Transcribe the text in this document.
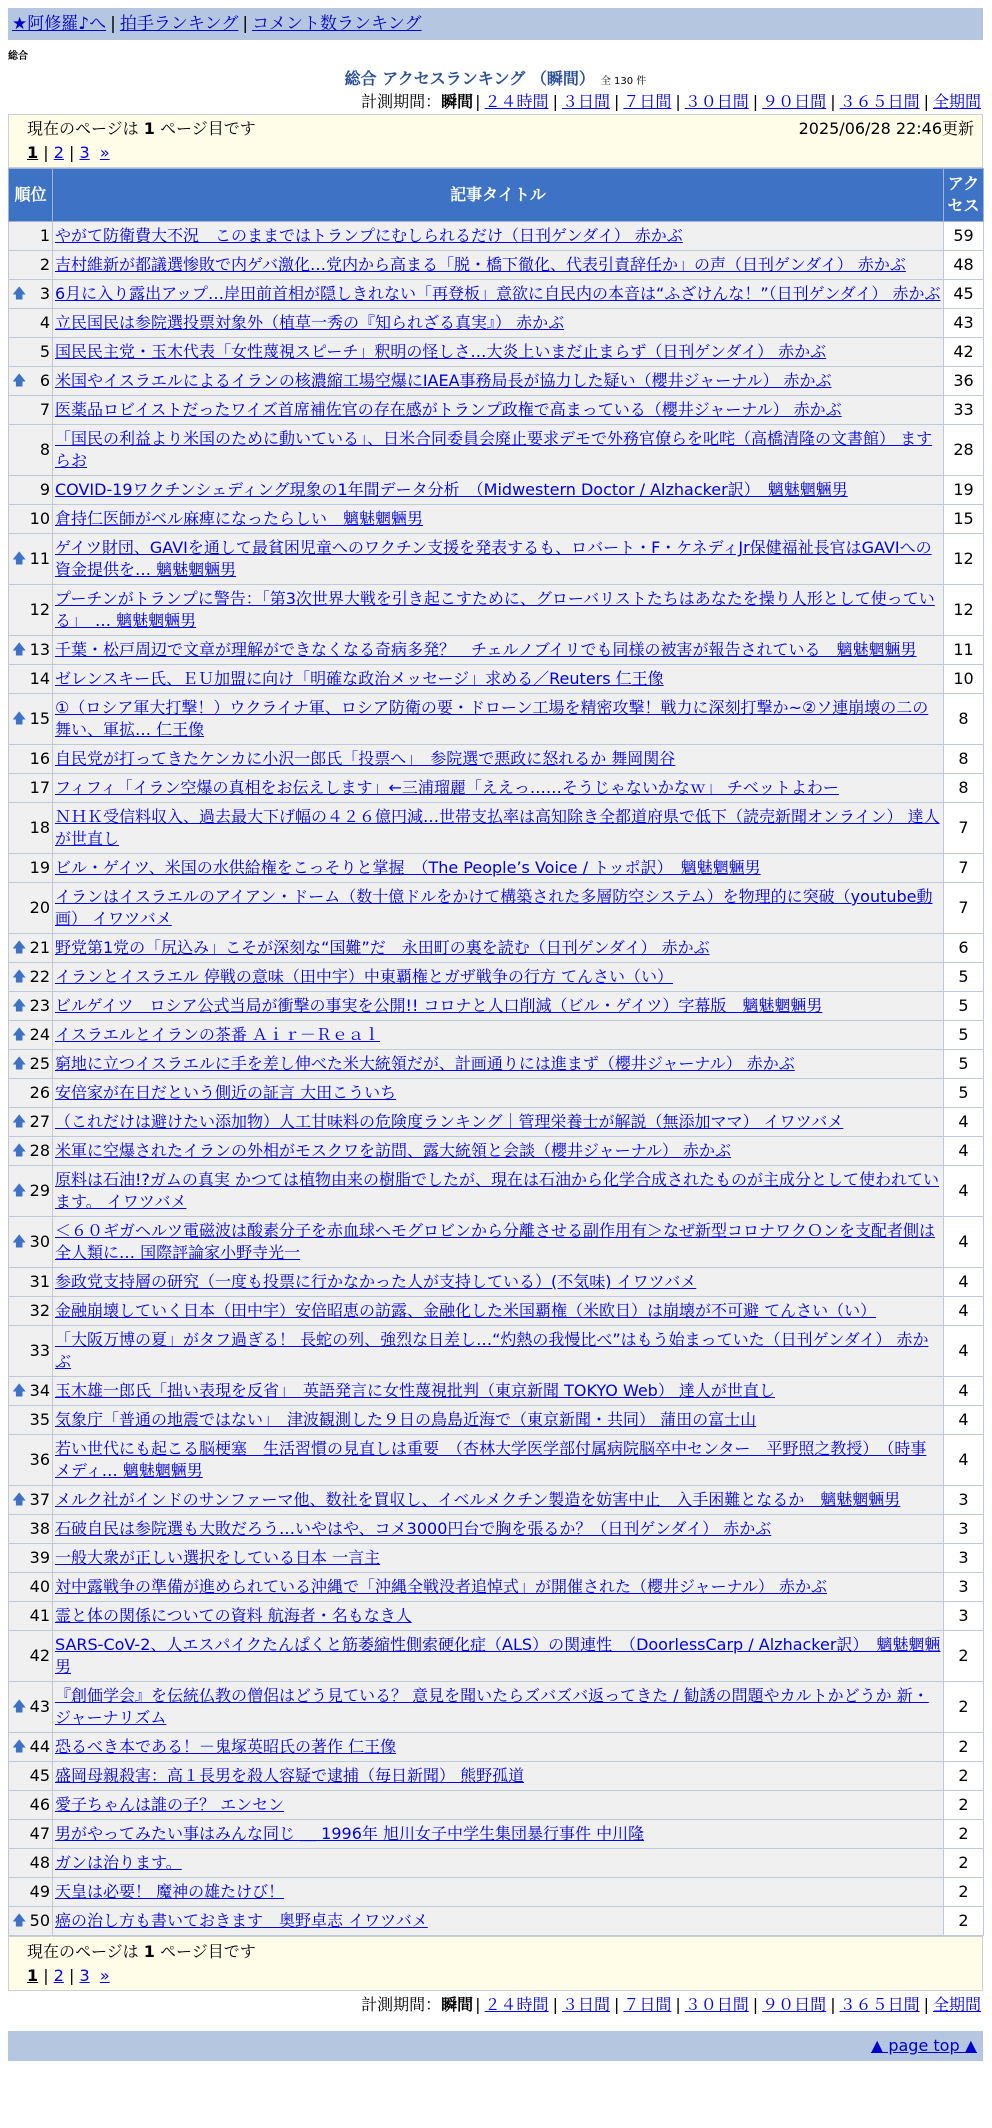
★阿修羅♪へ | 拍手ランキング | コメント数ランキング
総合
総合 アクセスランキング （瞬間） 全 130 件
計測期間：瞬間 | ２４時間 | ３日間 | ７日間 | ３０日間 | ９０日間 | ３６５日間 | 全期間
現在のページは 1 ページ目です	2025/06/28 22:46更新
1 | 2 | 3 »
順位	記事タイトル	アクセス
1	やがて防衛費大不況　このままではトランプにむしられるだけ（日刊ゲンダイ） 赤かぶ	59
2	吉村維新が都議選惨敗で内ゲバ激化…党内から高まる「脱・橋下徹化、代表引責辞任か」の声（日刊ゲンダイ） 赤かぶ	48

🡅 3	6月に入り露出アップ…岸田前首相が隠しきれない「再登板」意欲に自民内の本音は“ふざけんな！”（日刊ゲンダイ） 赤かぶ	45
4	立民国民は参院選投票対象外（植草一秀の『知られざる真実』） 赤かぶ	43
5	国民民主党・玉木代表「女性蔑視スピーチ」釈明の怪しさ…大炎上いまだ止まらず（日刊ゲンダイ） 赤かぶ	42

🡅 6	米国やイスラエルによるイランの核濃縮工場空爆にIAEA事務局長が協力した疑い（櫻井ジャーナル） 赤かぶ	36
7	医薬品ロビイストだったワイズ首席補佐官の存在感がトランプ政権で高まっている（櫻井ジャーナル） 赤かぶ	33
8	「国民の利益より米国のために動いている」、日米合同委員会廃止要求デモで外務官僚らを叱咤（高橋清隆の文書館） ますらお	28
9	COVID-19ワクチンシェディング現象の1年間データ分析　（Midwestern Doctor / Alzhacker訳）　魑魅魍魎男	19
10	倉持仁医師がベル麻痺になったらしい　魑魅魍魎男	15

🡅 11	ゲイツ財団、GAVIを通して最貧困児童へのワクチン支援を発表するも、ロバート・F・ケネディJr保健福祉長官はGAVIへの資金提供を… 魑魅魍魎男	12
12	プーチンがトランプに警告：「第3次世界大戦を引き起こすために、グローバリストたちはあなたを操り人形として使っている」　… 魑魅魍魎男	12

🡅 13	千葉・松戸周辺で文章が理解ができなくなる奇病多発？　チェルノブイリでも同様の被害が報告されている　魑魅魍魎男	11
14	ゼレンスキー氏、ＥＵ加盟に向け「明確な政治メッセージ」求める／Reuters 仁王像	10

🡅 15	①（ロシア軍大打撃！）ウクライナ軍、ロシア防衛の要・ドローン工場を精密攻撃！戦力に深刻打撃か~②ソ連崩壊の二の舞い、軍拡… 仁王像	8
16	自民党が打ってきたケンカに小沢一郎氏「投票へ」　参院選で悪政に怒れるか 舞岡関谷	8
17	フィフィ「イラン空爆の真相をお伝えします」←三浦瑠麗「ええっ……そうじゃないかなｗ」 チベットよわー	8
18	ＮＨＫ受信料収入、過去最大下げ幅の４２６億円減…世帯支払率は高知除き全都道府県で低下（読売新聞オンライン） 達人が世直し	7
19	ビル・ゲイツ、米国の水供給権をこっそりと掌握　（The People’s Voice / トッポ訳）　魑魅魍魎男	7
20	イランはイスラエルのアイアン・ドーム（数十億ドルをかけて構築された多層防空システム）を物理的に突破（youtube動画） イワツバメ	7

🡅 21	野党第1党の「尻込み」こそが深刻な“国難”だ　永田町の裏を読む（日刊ゲンダイ） 赤かぶ	6

🡅 22	イランとイスラエル 停戦の意味（田中宇）中東覇権とガザ戦争の行方 てんさい（い）	5

🡅 23	ビルゲイツ　ロシア公式当局が衝撃の事実を公開!! コロナと人口削減（ビル・ゲイツ）字幕版　魑魅魍魎男	5

🡅 24	イスラエルとイランの茶番 Ａｉｒ－Ｒｅａｌ	5

🡅 25	窮地に立つイスラエルに手を差し伸べた米大統領だが、計画通りには進まず（櫻井ジャーナル） 赤かぶ	5
26	安倍家が在日だという側近の証言 大田こういち	5

🡅 27	（これだけは避けたい添加物）人工甘味料の危険度ランキング｜管理栄養士が解説（無添加ママ） イワツバメ	4

🡅 28	米軍に空爆されたイランの外相がモスクワを訪問、露大統領と会談（櫻井ジャーナル） 赤かぶ	4

🡅 29	原料は石油!?ガムの真実 かつては植物由来の樹脂でしたが、現在は石油から化学合成されたものが主成分として使われています。 イワツバメ	4

🡅 30	＜６０ギガヘルツ電磁波は酸素分子を赤血球ヘモグロビンから分離させる副作用有＞なぜ新型コロナワクＯンを支配者側は全人類に… 国際評論家小野寺光一	4
31	参政党支持層の研究（一度も投票に行かなかった人が支持している）(不気味) イワツバメ	4
32	金融崩壊していく日本（田中宇）安倍昭恵の訪露、金融化した米国覇権（米欧日）は崩壊が不可避 てんさい（い）	4
33	「大阪万博の夏」がタフ過ぎる！ 長蛇の列、強烈な日差し…“灼熱の我慢比べ”はもう始まっていた（日刊ゲンダイ） 赤かぶ	4

🡅 34	玉木雄一郎氏「拙い表現を反省」　英語発言に女性蔑視批判（東京新聞 TOKYO Web） 達人が世直し	4
35	気象庁「普通の地震ではない」　津波観測した９日の鳥島近海で（東京新聞・共同） 蒲田の富士山	4
36	若い世代にも起こる脳梗塞　生活習慣の見直しは重要　（杏林大学医学部付属病院脳卒中センター　平野照之教授）　（時事メディ… 魑魅魍魎男	4

🡅 37	メルク社がインドのサンファーマ他、数社を買収し、イベルメクチン製造を妨害中止　入手困難となるか　魑魅魍魎男	3
38	石破自民は参院選も大敗だろう…いやはや、コメ3000円台で胸を張るか？（日刊ゲンダイ） 赤かぶ	3
39	一般大衆が正しい選択をしている日本 一言主	3
40	対中露戦争の準備が進められている沖縄で「沖縄全戦没者追悼式」が開催された（櫻井ジャーナル） 赤かぶ	3
41	霊と体の関係についての資料 航海者・名もなき人	3
42	SARS-CoV-2、人エスパイクたんぱくと筋萎縮性側索硬化症（ALS）の関連性　（DoorlessCarp / Alzhacker訳）　魑魅魍魎男	2

🡅 43	『創価学会』を伝統仏教の僧侶はどう見ている？ 意見を聞いたらズバズバ返ってきた / 勧誘の問題やカルトかどうか 新・ジャーナリズム	2

🡅 44	恐るべき本である！－鬼塚英昭氏の著作 仁王像	2
45	盛岡母親殺害：高１長男を殺人容疑で逮捕（毎日新聞） 熊野孤道	2
46	愛子ちゃんは誰の子？ エンセン	2
47	男がやってみたい事はみんな同じ ＿ 1996年 旭川女子中学生集団暴行事件 中川隆	2
48	ガンは治ります。	2
49	天皇は必要！ 魔神の雄たけび！	2

🡅 50	癌の治し方も書いておきます　奥野卓志 イワツバメ	2
現在のページは 1 ページ目です
1 | 2 | 3 »
計測期間：瞬間 | ２４時間 | ３日間 | ７日間 | ３０日間 | ９０日間 | ３６５日間 | 全期間
▲ page top ▲
